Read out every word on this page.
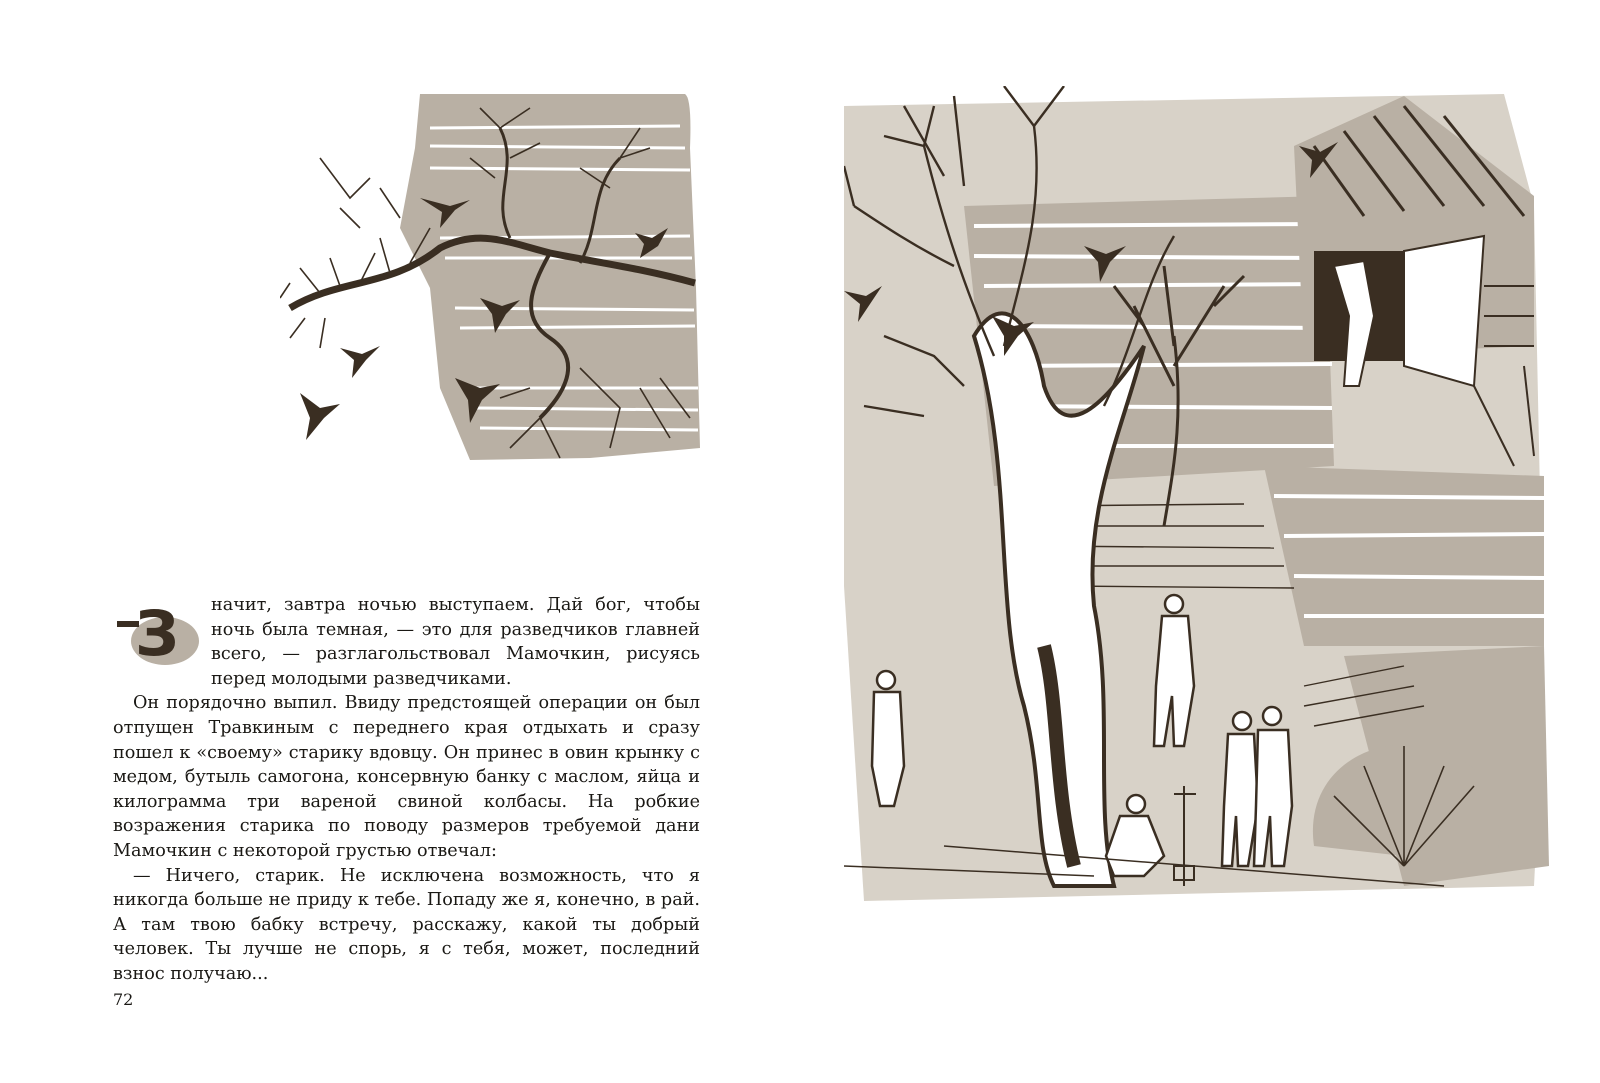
З	начит, завтра ночью выступаем. Дай бог, чтобы ночь была темная, — это для разведчиков главней всего, — разглагольствовал Мамочкин, рисуясь перед молодыми разведчиками.

Он порядочно выпил. Ввиду предстоящей операции он был отпущен Травкиным с переднего края отдыхать и сразу пошел к «своему» старику вдовцу. Он принес в овин крынку с медом, бутыль самогона, консервную банку с маслом, яйца и килограмма три вареной свиной колбасы. На робкие возражения старика по поводу размеров требуемой дани Мамочкин с некоторой грустью отвечал:

— Ничего, старик. Не исключена возможность, что я никогда больше не приду к тебе. Попаду же я, конечно, в рай. А там твою бабку встречу, расскажу, какой ты добрый человек. Ты лучше не спорь, я с тебя, может, последний взнос получаю...

72
